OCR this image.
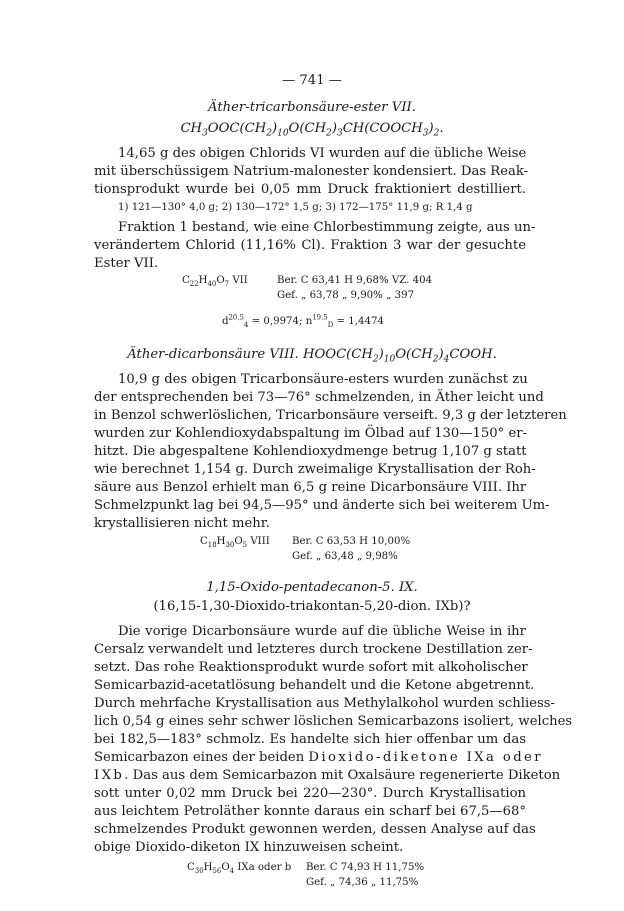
— 741 —
Äther-tricarbonsäure-ester VII.
$CH_3OOC(CH_2)_{10}O(CH_2)_3CH(COOCH_3)_2$.
14,65 g des obigen Chlorids VI wurden auf die übliche Weise
mit überschüssigem Natrium-malonester kondensiert. Das Reak-
tionsprodukt wurde bei 0,05 mm Druck fraktioniert destilliert.
1) 121—130° 4,0 g; 2) 130—172° 1,5 g; 3) 172—175° 11,9 g; R 1,4 g
Fraktion 1 bestand, wie eine Chlorbestimmung zeigte, aus un-
verändertem Chlorid (11,16% Cl). Fraktion 3 war der gesuchte
Ester VII.
$C_{22}H_{40}O_7$ VII	Ber. C 63,41 H 9,68% VZ. 404
Gef. „ 63,78 „ 9,90% „ 397
$d^{20,5}_4 = 0,9974$; $n^{19,5}_D = 1,4474$
Äther-dicarbonsäure VIII. $HOOC(CH_2)_{10}O(CH_2)_4COOH$.
10,9 g des obigen Tricarbonsäure-esters wurden zunächst zu
der entsprechenden bei 73—76° schmelzenden, in Äther leicht und
in Benzol schwerlöslichen, Tricarbonsäure verseift. 9,3 g der letzteren
wurden zur Kohlendioxydabspaltung im Ölbad auf 130—150° er-
hitzt. Die abgespaltene Kohlendioxydmenge betrug 1,107 g statt
wie berechnet 1,154 g. Durch zweimalige Krystallisation der Roh-
säure aus Benzol erhielt man 6,5 g reine Dicarbonsäure VIII. Ihr
Schmelzpunkt lag bei 94,5—95° und änderte sich bei weiterem Um-
krystallisieren nicht mehr.
$C_{18}H_{30}O_5$ VIII Ber. C 63,53 H 10,00%
Gef. „ 63,48 „ 9,98%
1,15-Oxido-pentadecanon-5. IX.
(16,15-1,30-Dioxido-triakontan-5,20-dion. IXb)?
Die vorige Dicarbonsäure wurde auf die übliche Weise in ihr
Cersalz verwandelt und letzteres durch trockene Destillation zer-
setzt. Das rohe Reaktionsprodukt wurde sofort mit alkoholischer
Semicarbazid-acetatlösung behandelt und die Ketone abgetrennt.
Durch mehrfache Krystallisation aus Methylalkohol wurden schliess-
lich 0,54 g eines sehr schwer löslichen Semicarbazons isoliert, welches
bei 182,5—183° schmolz. Es handelte sich hier offenbar um das
Semicarbazon eines der beiden Dioxido-diketone IXa oder
IXb. Das aus dem Semicarbazon mit Oxalsäure regenerierte Diketon
sott unter 0,02 mm Druck bei 220—230°. Durch Krystallisation
aus leichtem Petroläther konnte daraus ein scharf bei 67,5—68°
schmelzendes Produkt gewonnen werden, dessen Analyse auf das
obige Dioxido-diketon IX hinzuweisen scheint.
$C_{30}H_{56}O_4$ IXa oder b Ber. C 74,93 H 11,75%
Gef. „ 74,36 „ 11,75%
